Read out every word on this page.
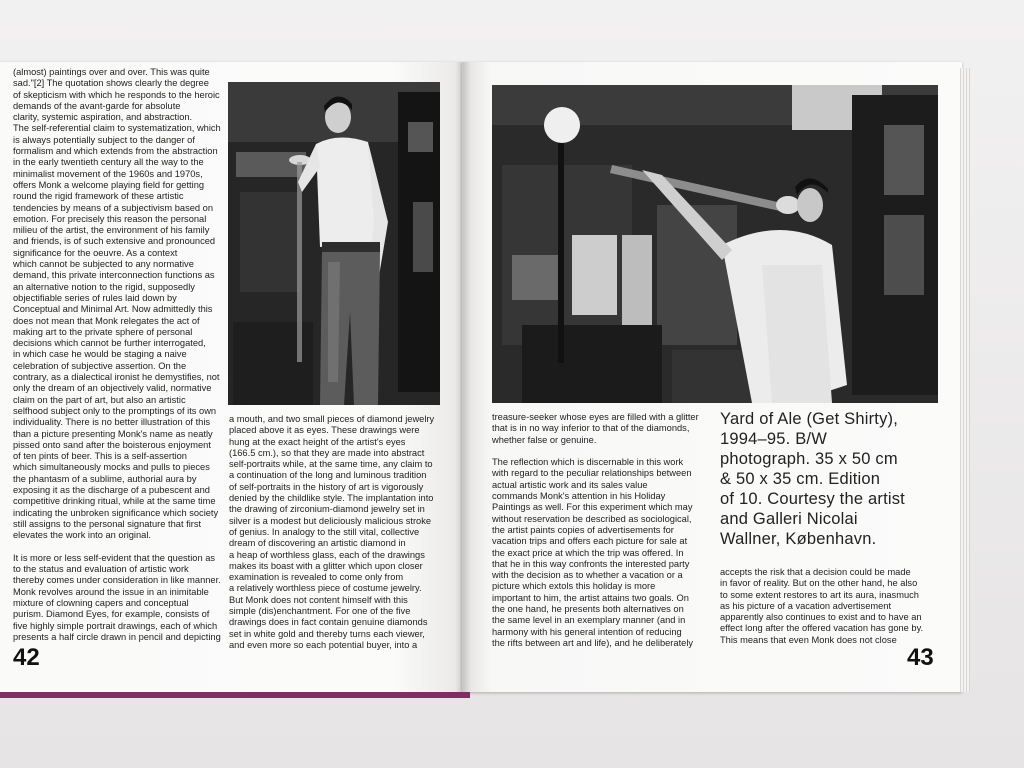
(almost) paintings over and over. This was quite
sad."[2] The quotation shows clearly the degree
of skepticism with which he responds to the heroic
demands of the avant-garde for absolute
clarity, systemic aspiration, and abstraction.
The self-referential claim to systematization, which
is always potentially subject to the danger of
formalism and which extends from the abstraction
in the early twentieth century all the way to the
minimalist movement of the 1960s and 1970s,
offers Monk a welcome playing field for getting
round the rigid framework of these artistic
tendencies by means of a subjectivism based on
emotion. For precisely this reason the personal
milieu of the artist, the environment of his family
and friends, is of such extensive and pronounced
significance for the oeuvre. As a context
which cannot be subjected to any normative
demand, this private interconnection functions as
an alternative notion to the rigid, supposedly
objectifiable series of rules laid down by
Conceptual and Minimal Art. Now admittedly this
does not mean that Monk relegates the act of
making art to the private sphere of personal
decisions which cannot be further interrogated,
in which case he would be staging a naive
celebration of subjective assertion. On the
contrary, as a dialectical ironist he demystifies, not
only the dream of an objectively valid, normative
claim on the part of art, but also an artistic
selfhood subject only to the promptings of its own
individuality. There is no better illustration of this
than a picture presenting Monk's name as neatly
pissed onto sand after the boisterous enjoyment
of ten pints of beer. This is a self-assertion
which simultaneously mocks and pulls to pieces
the phantasm of a sublime, authorial aura by
exposing it as the discharge of a pubescent and
competitive drinking ritual, while at the same time
indicating the unbroken significance which society
still assigns to the personal signature that first
elevates the work into an original.

It is more or less self-evident that the question as
to the status and evaluation of artistic work
thereby comes under consideration in like manner.
Monk revolves around the issue in an inimitable
mixture of clowning capers and conceptual
purism. Diamond Eyes, for example, consists of
five highly simple portrait drawings, each of which
presents a half circle drawn in pencil and depicting
a mouth, and two small pieces of diamond jewelry
placed above it as eyes. These drawings were
hung at the exact height of the artist's eyes
(166.5 cm.), so that they are made into abstract
self-portraits while, at the same time, any claim to
a continuation of the long and luminous tradition
of self-portraits in the history of art is vigorously
denied by the childlike style. The implantation into
the drawing of zirconium-diamond jewelry set in
silver is a modest but deliciously malicious stroke
of genius. In analogy to the still vital, collective
dream of discovering an artistic diamond in
a heap of worthless glass, each of the drawings
makes its boast with a glitter which upon closer
examination is revealed to come only from
a relatively worthless piece of costume jewelry.
But Monk does not content himself with this
simple (dis)enchantment. For one of the five
drawings does in fact contain genuine diamonds
set in white gold and thereby turns each viewer,
and even more so each potential buyer, into a
42
treasure-seeker whose eyes are filled with a glitter
that is in no way inferior to that of the diamonds,
whether false or genuine.

The reflection which is discernable in this work
with regard to the peculiar relationships between
actual artistic work and its sales value
commands Monk's attention in his Holiday
Paintings as well. For this experiment which may
without reservation be described as sociological,
the artist paints copies of advertisements for
vacation trips and offers each picture for sale at
the exact price at which the trip was offered. In
that he in this way confronts the interested party
with the decision as to whether a vacation or a
picture which extols this holiday is more
important to him, the artist attains two goals. On
the one hand, he presents both alternatives on
the same level in an exemplary manner (and in
harmony with his general intention of reducing
the rifts between art and life), and he deliberately
Yard of Ale (Get Shirty),
1994–95. B/W
photograph. 35 x 50 cm
& 50 x 35 cm. Edition
of 10. Courtesy the artist
and Galleri Nicolai
Wallner, København.
accepts the risk that a decision could be made
in favor of reality. But on the other hand, he also
to some extent restores to art its aura, inasmuch
as his picture of a vacation advertisement
apparently also continues to exist and to have an
effect long after the offered vacation has gone by.
This means that even Monk does not close
43
